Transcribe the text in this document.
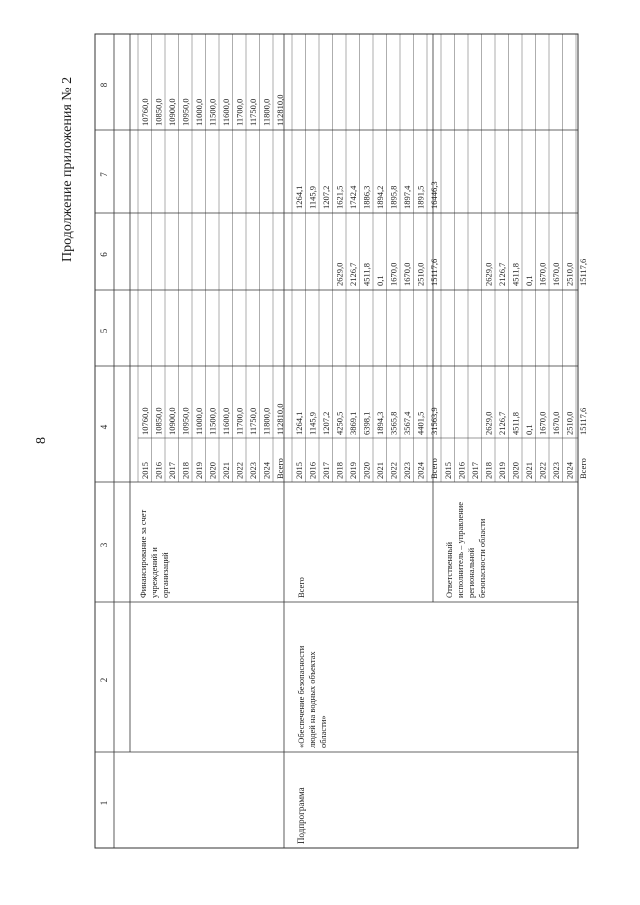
8
Продолжение приложения № 2
1
2
3
4
5
6
7
8
2015
10760,0
10760,0
2016
10850,0
10850,0
2017
10900,0
10900,0
2018
10950,0
10950,0
2019
11000,0
11000,0
2020
11500,0
11500,0
2021
11600,0
11600,0
2022
11700,0
11700,0
2023
11750,0
11750,0
2024
11800,0
11800,0
Всего
112810,0
112810,0
Финансирование за счет учреждений и организаций
2015
1264,1
1264,1
2016
1145,9
1145,9
2017
1207,2
1207,2
2018
4250,5
2629,0
1621,5
2019
3869,1
2126,7
1742,4
2020
6398,1
4511,8
1886,3
2021
1894,3
0,1
1894,2
2022
3565,8
1670,0
1895,8
2023
3567,4
1670,0
1897,4
2024
4401,5
2510,0
1891,5
Всего
31563,9
15117,6
16446,3
Подпрограмма
«Обеспечение безопасности людей на водных объектах области»
Всего
2015 2016 2017 2018
2629,0
2629,0
2019
2126,7
2126,7
2020
4511,8
4511,8
2021
0,1
0,1
2022
1670,0
1670,0
2023
1670,0
1670,0
2024
2510,0
2510,0
Всего
15117,6
15117,6
Ответственный исполнитель – управление региональной безопасности области
